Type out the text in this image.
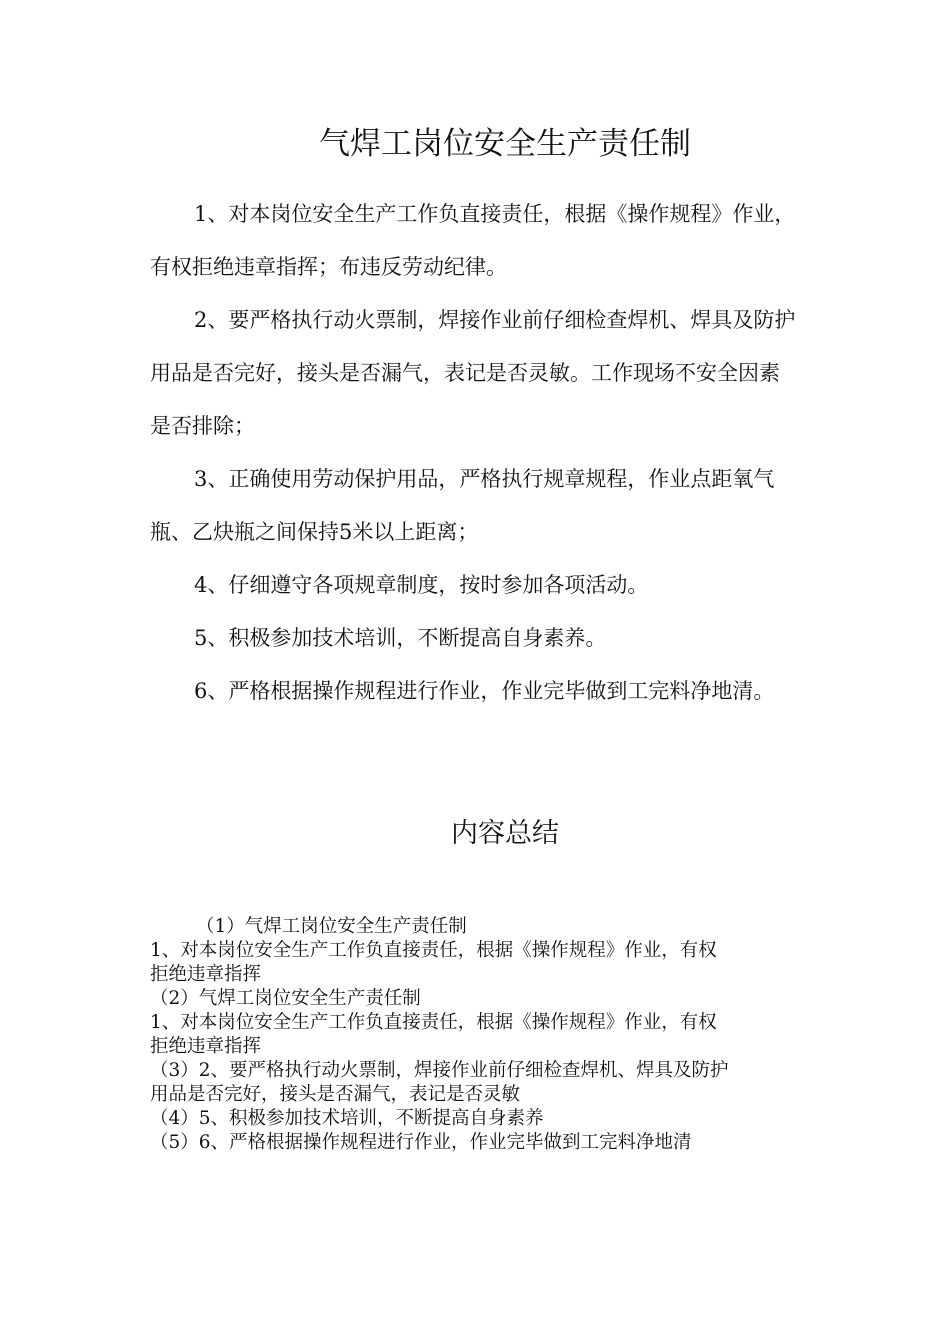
气焊工岗位安全生产责任制

1、对本岗位安全生产工作负直接责任，根据《操作规程》作业，有权拒绝违章指挥；布违反劳动纪律。

2、要严格执行动火票制，焊接作业前仔细检查焊机、焊具及防护用品是否完好，接头是否漏气，表记是否灵敏。工作现场不安全因素是否排除；

3、正确使用劳动保护用品，严格执行规章规程，作业点距氧气瓶、乙炔瓶之间保持5米以上距离；

4、仔细遵守各项规章制度，按时参加各项活动。

5、积极参加技术培训，不断提高自身素养。

6、严格根据操作规程进行作业，作业完毕做到工完料净地清。

内容总结

（1）气焊工岗位安全生产责任制

1、对本岗位安全生产工作负直接责任，根据《操作规程》作业，有权

拒绝违章指挥

（2）气焊工岗位安全生产责任制

1、对本岗位安全生产工作负直接责任，根据《操作规程》作业，有权

拒绝违章指挥

（3）2、要严格执行动火票制，焊接作业前仔细检查焊机、焊具及防护

用品是否完好，接头是否漏气，表记是否灵敏

（4）5、积极参加技术培训，不断提高自身素养

（5）6、严格根据操作规程进行作业，作业完毕做到工完料净地清
